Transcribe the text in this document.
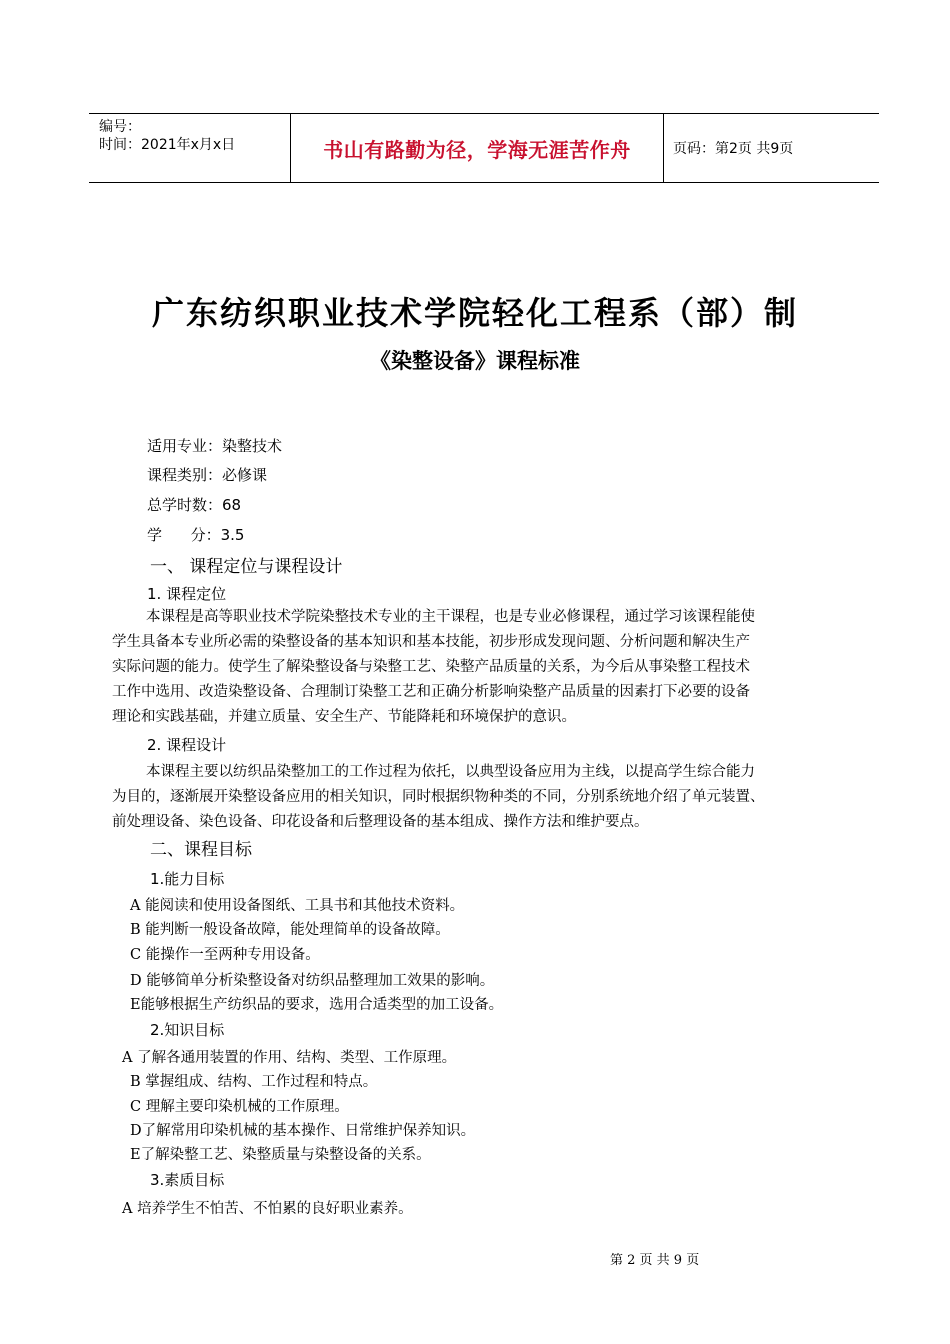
编号：
时间：2021年x月x日	书山有路勤为径，学海无涯苦作舟	页码：第2页 共9页
广东纺织职业技术学院轻化工程系（部）制
《染整设备》课程标准
适用专业：染整技术
课程类别：必修课
总学时数：68
学      分：3.5
一、 课程定位与课程设计
1. 课程定位
本课程是高等职业技术学院染整技术专业的主干课程，也是专业必修课程，通过学习该课程能使
学生具备本专业所必需的染整设备的基本知识和基本技能，初步形成发现问题、分析问题和解决生产
实际问题的能力。使学生了解染整设备与染整工艺、染整产品质量的关系，为今后从事染整工程技术
工作中选用、改造染整设备、合理制订染整工艺和正确分析影响染整产品质量的因素打下必要的设备
理论和实践基础，并建立质量、安全生产、节能降耗和环境保护的意识。
2. 课程设计
本课程主要以纺织品染整加工的工作过程为依托，以典型设备应用为主线，以提高学生综合能力
为目的，逐渐展开染整设备应用的相关知识，同时根据织物种类的不同，分别系统地介绍了单元装置、
前处理设备、染色设备、印花设备和后整理设备的基本组成、操作方法和维护要点。
二、课程目标
1.能力目标
A 能阅读和使用设备图纸、工具书和其他技术资料。
B 能判断一般设备故障，能处理简单的设备故障。
C 能操作一至两种专用设备。
D 能够简单分析染整设备对纺织品整理加工效果的影响。
E能够根据生产纺织品的要求，选用合适类型的加工设备。
2.知识目标
A 了解各通用装置的作用、结构、类型、工作原理。
B 掌握组成、结构、工作过程和特点。
C 理解主要印染机械的工作原理。
D了解常用印染机械的基本操作、日常维护保养知识。
E了解染整工艺、染整质量与染整设备的关系。
3.素质目标
A 培养学生不怕苦、不怕累的良好职业素养。
第 2 页 共 9 页
